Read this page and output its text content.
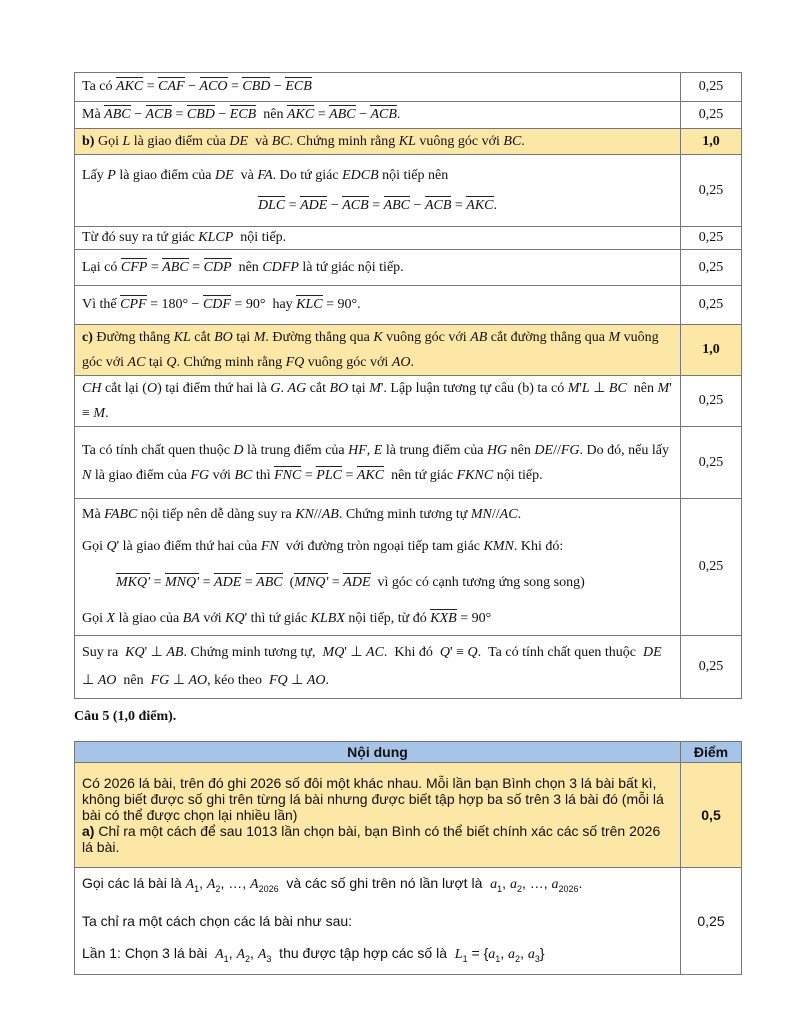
Ta có AKC = CAF − ACO = CBD − ECB	0,25
Mà ABC − ACB = CBD − ECB  nên AKC = ABC − ACB.	0,25
b) Gọi L là giao điểm của DE  và BC. Chứng minh rằng KL vuông góc với BC.	1,0

Lấy P là giao điểm của DE  và FA. Do tứ giác EDCB nội tiếp nên
DLC = ADE − ACB = ABC − ACB = AKC.	0,25
Từ đó suy ra tứ giác KLCP  nội tiếp.	0,25
Lại có CFP = ABC = CDP  nên CDFP là tứ giác nội tiếp.	0,25
Vì thế CPF = 180° − CDF = 90°  hay KLC = 90°.	0,25
c) Đường thẳng KL cắt BO tại M. Đường thẳng qua K vuông góc với AB cắt đường thẳng qua M vuông góc với AC tại Q. Chứng minh rằng FQ vuông góc với AO.	1,0
CH cắt lại (O) tại điểm thứ hai là G. AG cắt BO tại M'. Lập luận tương tự câu (b) ta có M'L ⊥ BC  nên M' ≡ M.	0,25
Ta có tính chất quen thuộc D là trung điểm của HF, E là trung điểm của HG nên DE//FG. Do đó, nếu lấy N là giao điểm của FG với BC thì FNC = PLC = AKC  nên tứ giác FKNC nội tiếp.	0,25

Mà FABC nội tiếp nên dễ dàng suy ra KN//AB. Chứng minh tương tự MN//AC.
Gọi Q' là giao điểm thứ hai của FN  với đường tròn ngoại tiếp tam giác KMN. Khi đó:
MKQ' = MNQ' = ADE = ABC  (MNQ' = ADE  vì góc có cạnh tương ứng song song)
Gọi X là giao của BA với KQ' thì tứ giác KLBX nội tiếp, từ đó KXB = 90°	0,25
Suy ra  KQ' ⊥ AB. Chứng minh tương tự,  MQ' ⊥ AC.  Khi đó  Q' ≡ Q.  Ta có tính chất quen thuộc  DE ⊥ AO  nên  FG ⊥ AO, kéo theo  FQ ⊥ AO.	0,25
Câu 5 (1,0 điểm).
Nội dung	Điểm

Có 2026 lá bài, trên đó ghi 2026 số đôi một khác nhau. Mỗi lần bạn Bình chọn 3 lá bài bất kì, không biết được số ghi trên từng lá bài nhưng được biết tập hợp ba số trên 3 lá bài đó (mỗi lá bài có thể được chọn lại nhiều lần)
a) Chỉ ra một cách để sau 1013 lần chọn bài, bạn Bình có thể biết chính xác các số trên 2026 lá bài.	0,5

Gọi các lá bài là $A_1$, $A_2$, …, $A_{2026}$  và các số ghi trên nó lần lượt là  $a_1$, $a_2$, …, $a_{2026}$.
Ta chỉ ra một cách chọn các lá bài như sau:
Lần 1: Chọn 3 lá bài  $A_1$, $A_2$, $A_3$  thu được tập hợp các số là  $L_1 = \{a_1$, $a_2$, $a_3$}	0,25
